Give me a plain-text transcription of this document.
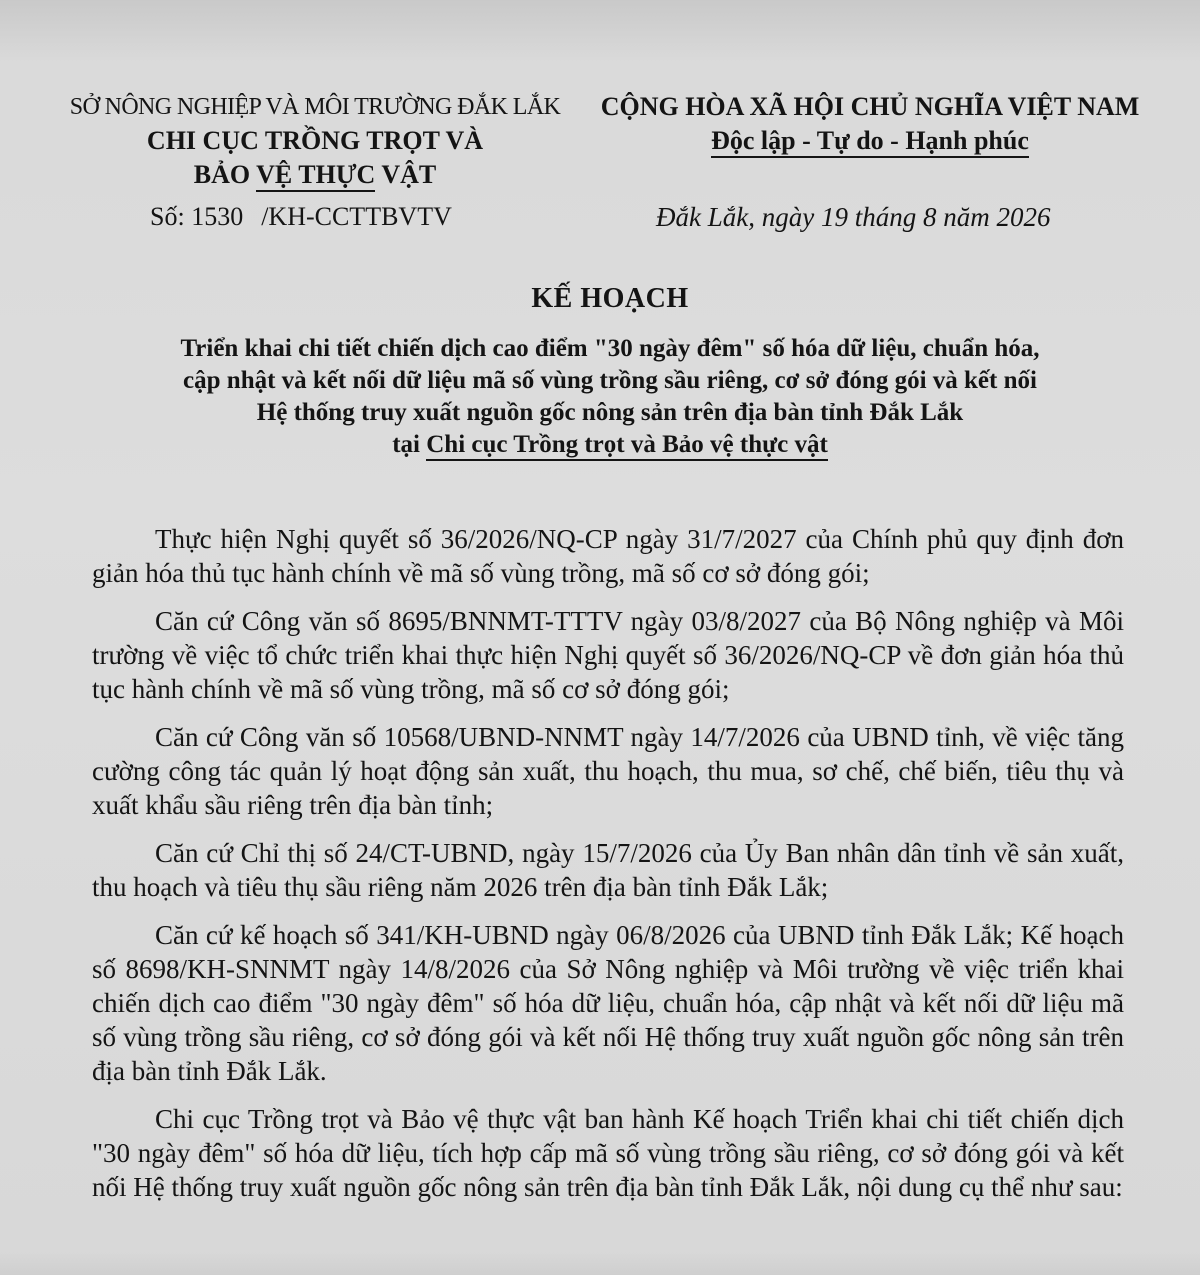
SỞ NÔNG NGHIỆP VÀ MÔI TRƯỜNG ĐẮK LẮK
CHI CỤC TRỒNG TRỌT VÀ
BẢO VỆ THỰC VẬT
Số: 1530 /KH-CCTTBVTV
CỘNG HÒA XÃ HỘI CHỦ NGHĨA VIỆT NAM
Độc lập - Tự do - Hạnh phúc
Đắk Lắk, ngày 19 tháng 8 năm 2026
KẾ HOẠCH
Triển khai chi tiết chiến dịch cao điểm "30 ngày đêm" số hóa dữ liệu, chuẩn hóa,
cập nhật và kết nối dữ liệu mã số vùng trồng sầu riêng, cơ sở đóng gói và kết nối
Hệ thống truy xuất nguồn gốc nông sản trên địa bàn tỉnh Đắk Lắk
tại Chi cục Trồng trọt và Bảo vệ thực vật

Thực hiện Nghị quyết số 36/2026/NQ-CP ngày 31/7/2027 của Chính phủ quy định đơn giản hóa thủ tục hành chính về mã số vùng trồng, mã số cơ sở đóng gói;

Căn cứ Công văn số 8695/BNNMT-TTTV ngày 03/8/2027 của Bộ Nông nghiệp và Môi trường về việc tổ chức triển khai thực hiện Nghị quyết số 36/2026/NQ-CP về đơn giản hóa thủ tục hành chính về mã số vùng trồng, mã số cơ sở đóng gói;

Căn cứ Công văn số 10568/UBND-NNMT ngày 14/7/2026 của UBND tỉnh, về việc tăng cường công tác quản lý hoạt động sản xuất, thu hoạch, thu mua, sơ chế, chế biến, tiêu thụ và xuất khẩu sầu riêng trên địa bàn tỉnh;

Căn cứ Chỉ thị số 24/CT-UBND, ngày 15/7/2026 của Ủy Ban nhân dân tỉnh về sản xuất, thu hoạch và tiêu thụ sầu riêng năm 2026 trên địa bàn tỉnh Đắk Lắk;

Căn cứ kế hoạch số 341/KH-UBND ngày 06/8/2026 của UBND tỉnh Đắk Lắk; Kế hoạch số 8698/KH-SNNMT ngày 14/8/2026 của Sở Nông nghiệp và Môi trường về việc triển khai chiến dịch cao điểm "30 ngày đêm" số hóa dữ liệu, chuẩn hóa, cập nhật và kết nối dữ liệu mã số vùng trồng sầu riêng, cơ sở đóng gói và kết nối Hệ thống truy xuất nguồn gốc nông sản trên địa bàn tỉnh Đắk Lắk.

Chi cục Trồng trọt và Bảo vệ thực vật ban hành Kế hoạch Triển khai chi tiết chiến dịch "30 ngày đêm" số hóa dữ liệu, tích hợp cấp mã số vùng trồng sầu riêng, cơ sở đóng gói và kết nối Hệ thống truy xuất nguồn gốc nông sản trên địa bàn tỉnh Đắk Lắk, nội dung cụ thể như sau:
